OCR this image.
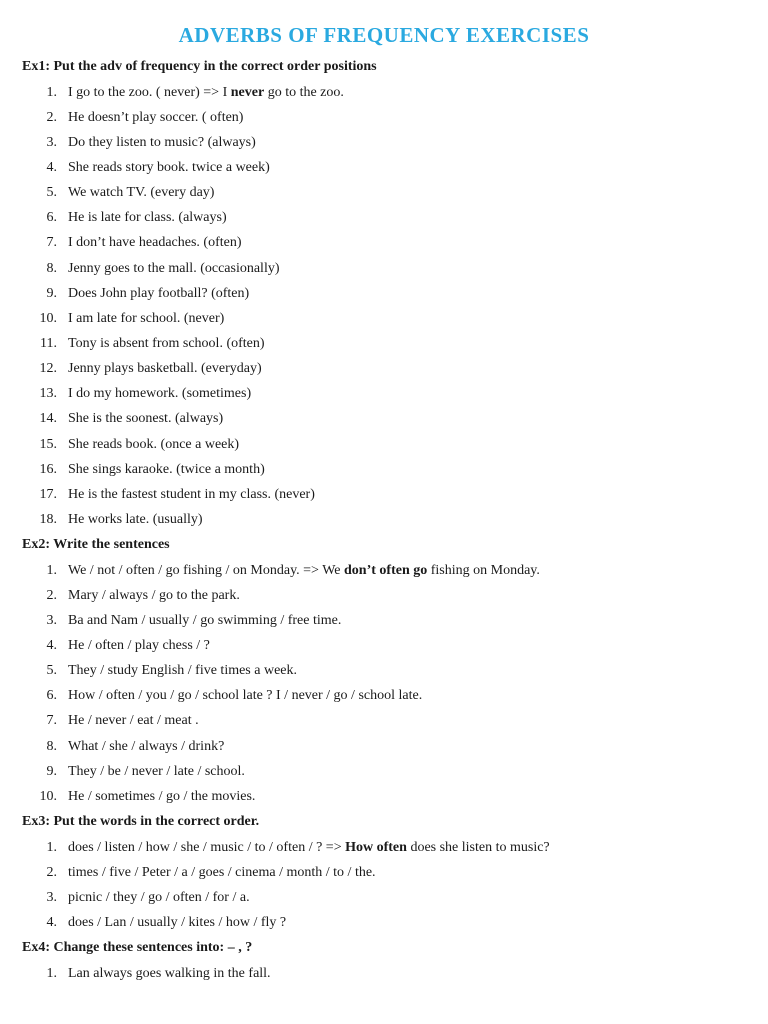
ADVERBS OF FREQUENCY EXERCISES
Ex1: Put the adv of frequency in the correct order positions
1. I go to the zoo. ( never) => I never go to the zoo.
2. He doesn’t play soccer. ( often)
3. Do they listen to music? (always)
4. She reads story book. twice a week)
5. We watch TV. (every day)
6. He is late for class. (always)
7. I don’t have headaches. (often)
8. Jenny goes to the mall. (occasionally)
9. Does John play football? (often)
10. I am late for school. (never)
11. Tony is absent from school. (often)
12. Jenny plays basketball. (everyday)
13. I do my homework. (sometimes)
14. She is the soonest. (always)
15. She reads book. (once a week)
16. She sings karaoke. (twice a month)
17. He is the fastest student in my class. (never)
18. He works late. (usually)
Ex2: Write the sentences
1. We / not / often / go fishing / on Monday. => We don’t often go fishing on Monday.
2. Mary / always / go to the park.
3. Ba and Nam / usually / go swimming / free time.
4. He / often / play chess / ?
5. They / study English / five times a week.
6. How / often / you / go / school late ? I / never / go / school late.
7. He / never / eat / meat .
8. What / she / always / drink?
9. They / be / never / late / school.
10. He / sometimes / go / the movies.
Ex3: Put the words in the correct order.
1. does / listen / how / she / music / to / often / ? => How often does she listen to music?
2. times / five / Peter / a / goes / cinema / month / to / the.
3. picnic / they / go / often / for / a.
4. does / Lan / usually / kites / how / fly ?
Ex4: Change these sentences into: – , ?
1. Lan always goes walking in the fall.
